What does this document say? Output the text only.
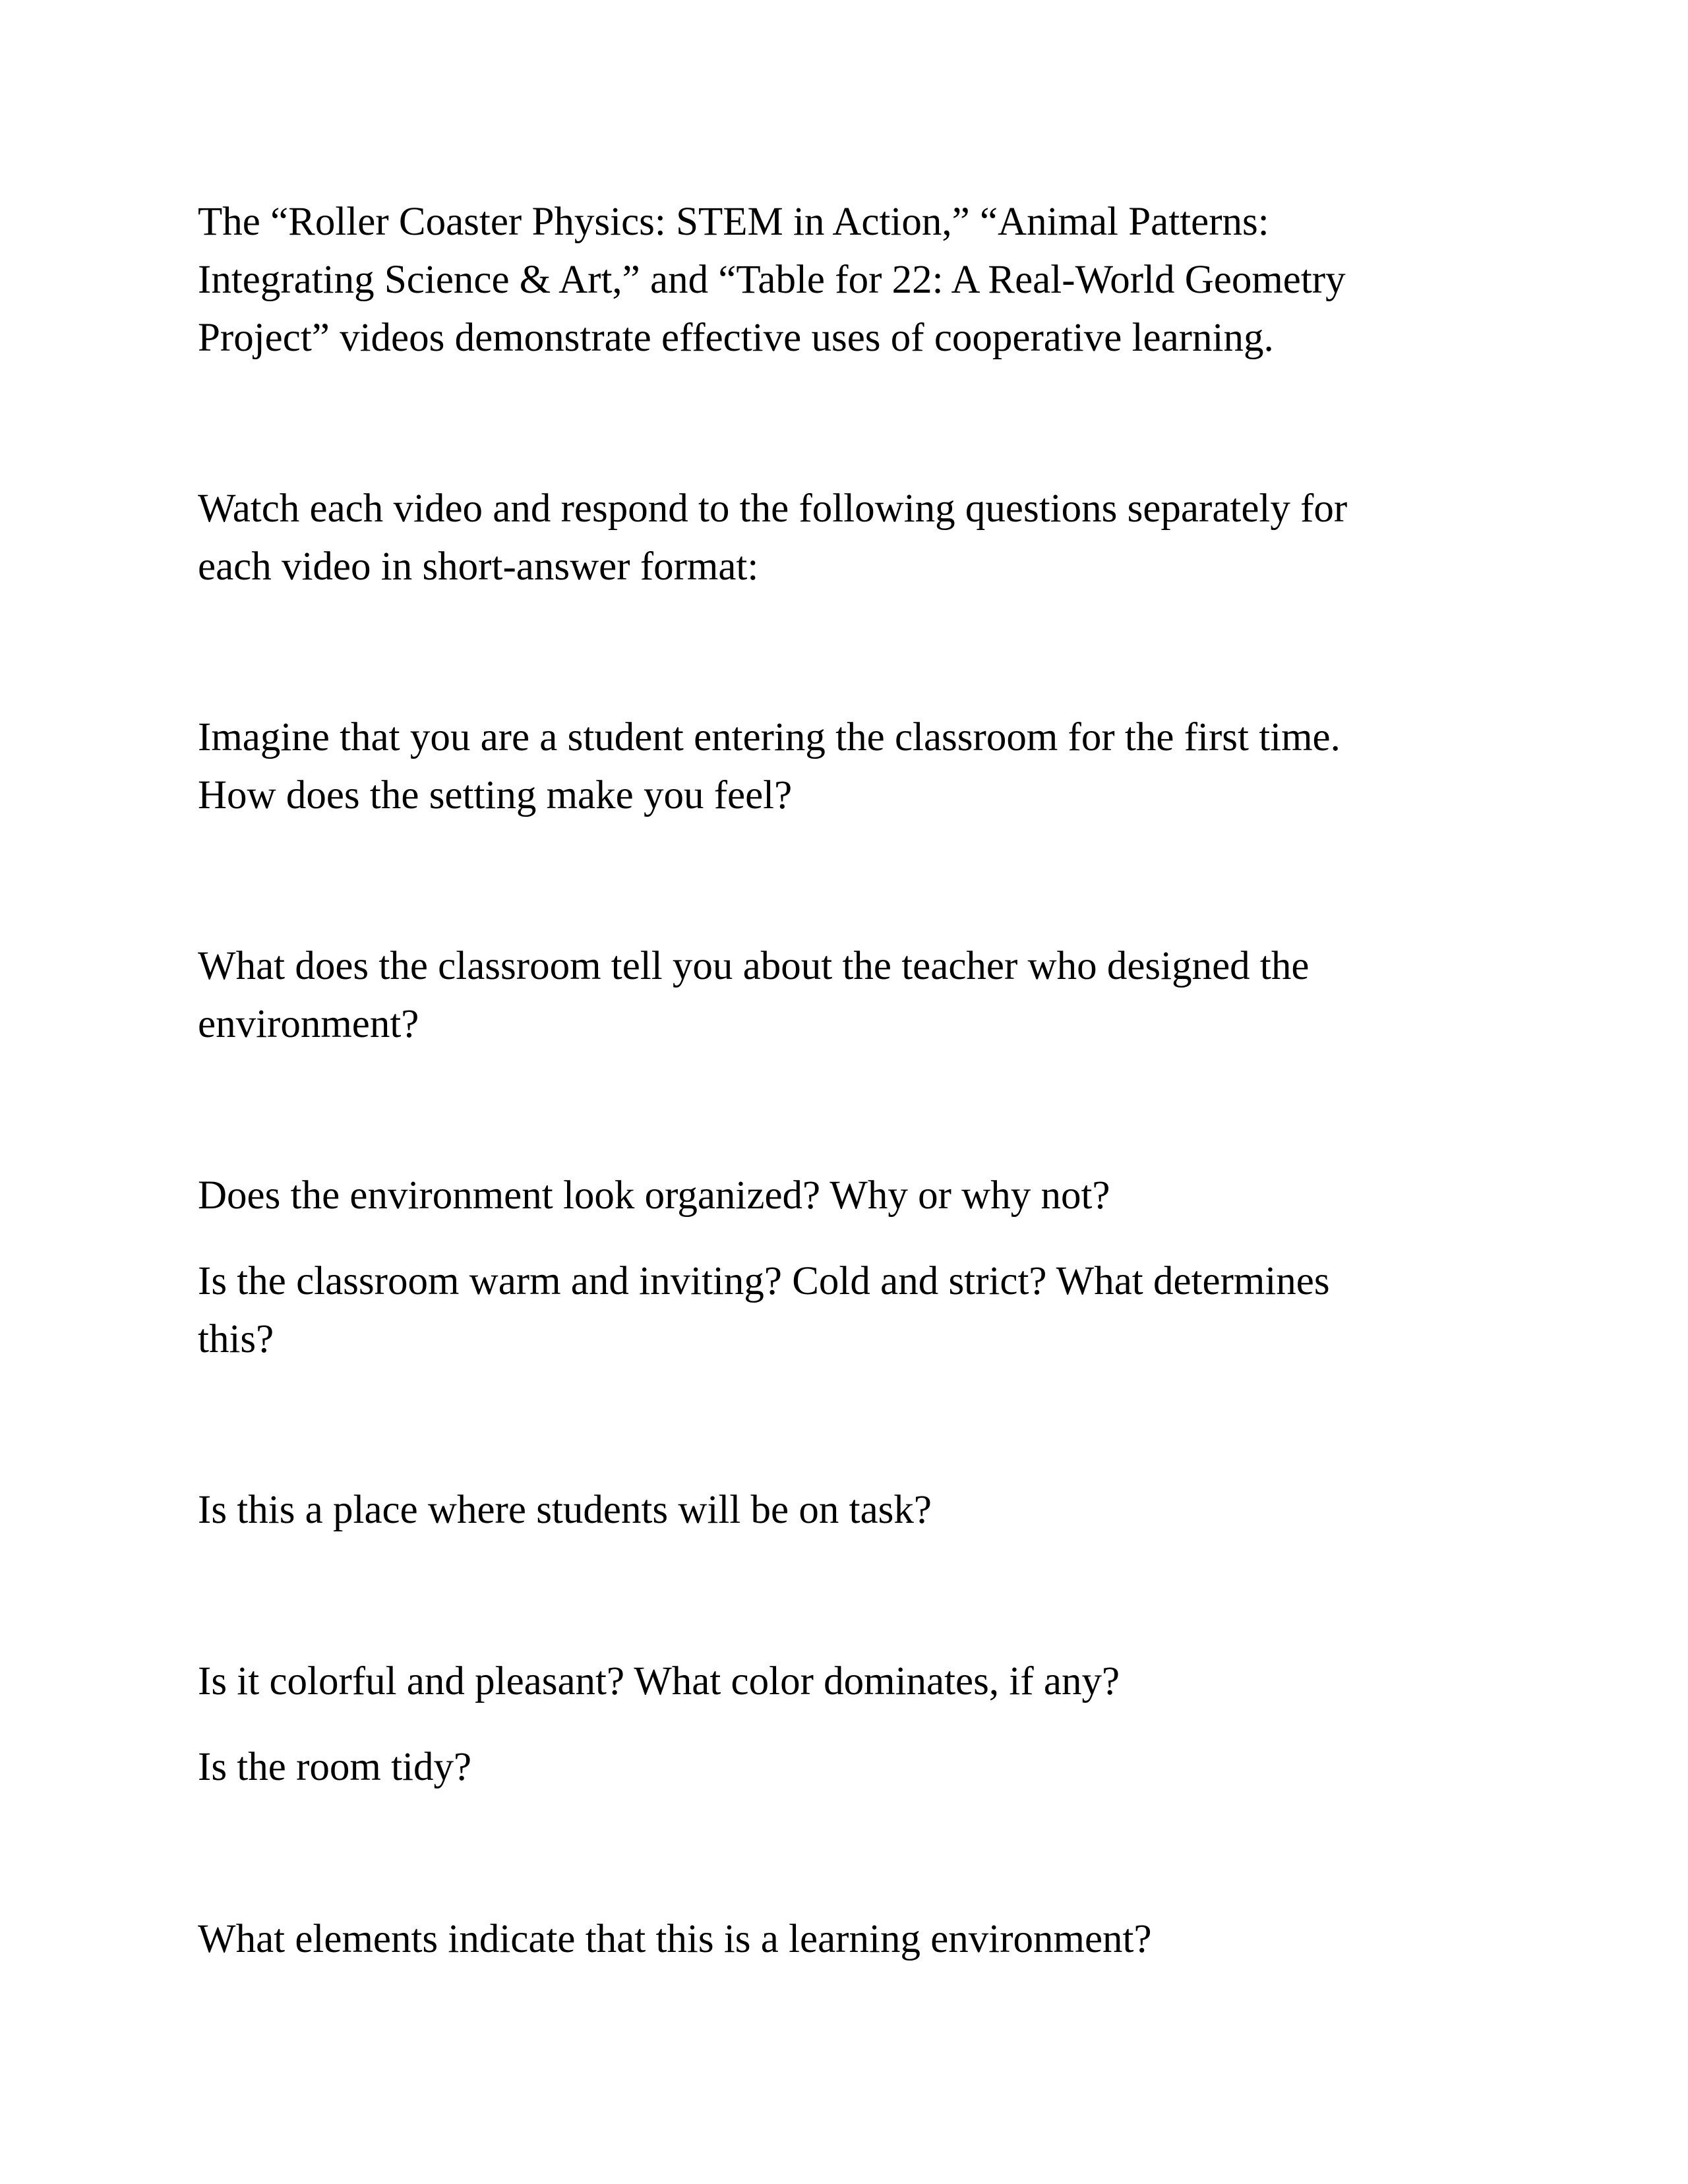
The “Roller Coaster Physics: STEM in Action,” “Animal Patterns:
Integrating Science & Art,” and “Table for 22: A Real-World Geometry
Project” videos demonstrate effective uses of cooperative learning.

Watch each video and respond to the following questions separately for
each video in short-answer format:

Imagine that you are a student entering the classroom for the first time.
How does the setting make you feel?

What does the classroom tell you about the teacher who designed the
environment?

Does the environment look organized? Why or why not?

Is the classroom warm and inviting? Cold and strict? What determines
this?

Is this a place where students will be on task?

Is it colorful and pleasant? What color dominates, if any?

Is the room tidy?

What elements indicate that this is a learning environment?
